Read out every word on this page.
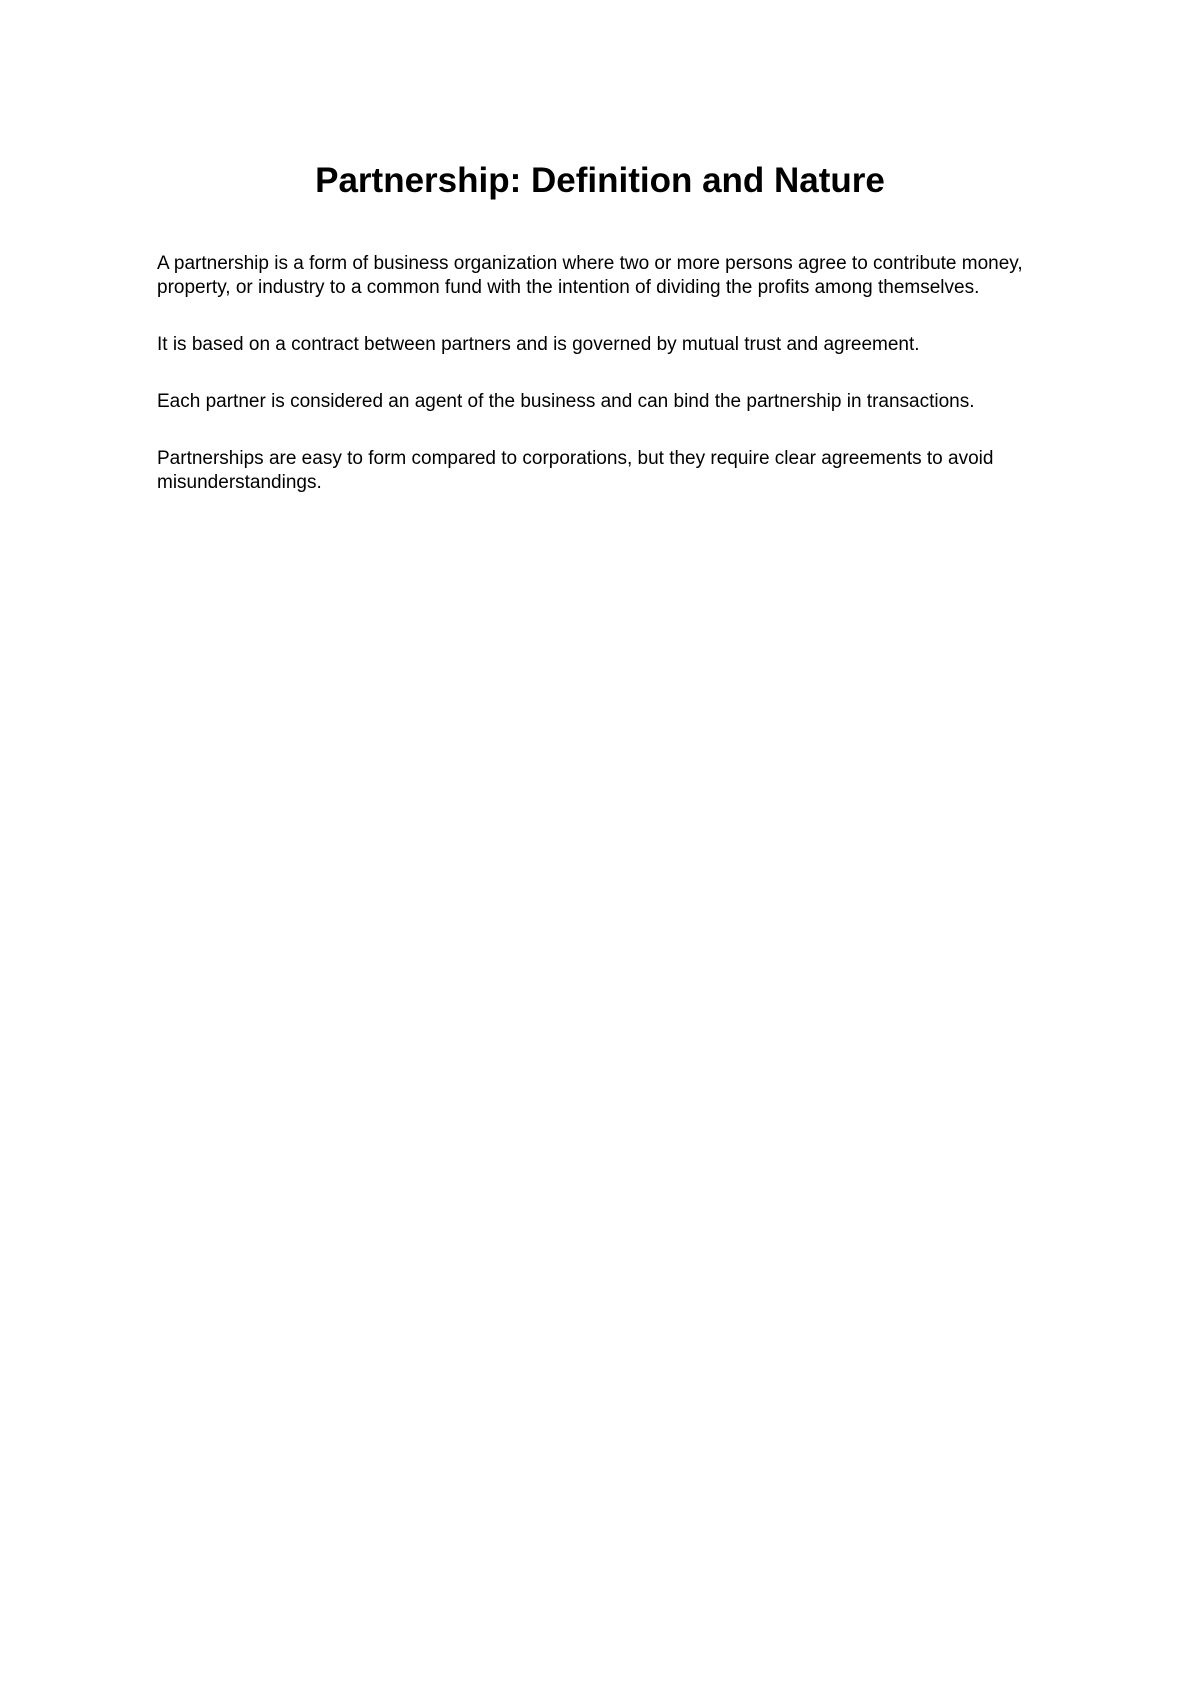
Partnership: Definition and Nature

A partnership is a form of business organization where two or more persons agree to contribute money, property, or industry to a common fund with the intention of dividing the profits among themselves.

It is based on a contract between partners and is governed by mutual trust and agreement.

Each partner is considered an agent of the business and can bind the partnership in transactions.

Partnerships are easy to form compared to corporations, but they require clear agreements to avoid misunderstandings.
